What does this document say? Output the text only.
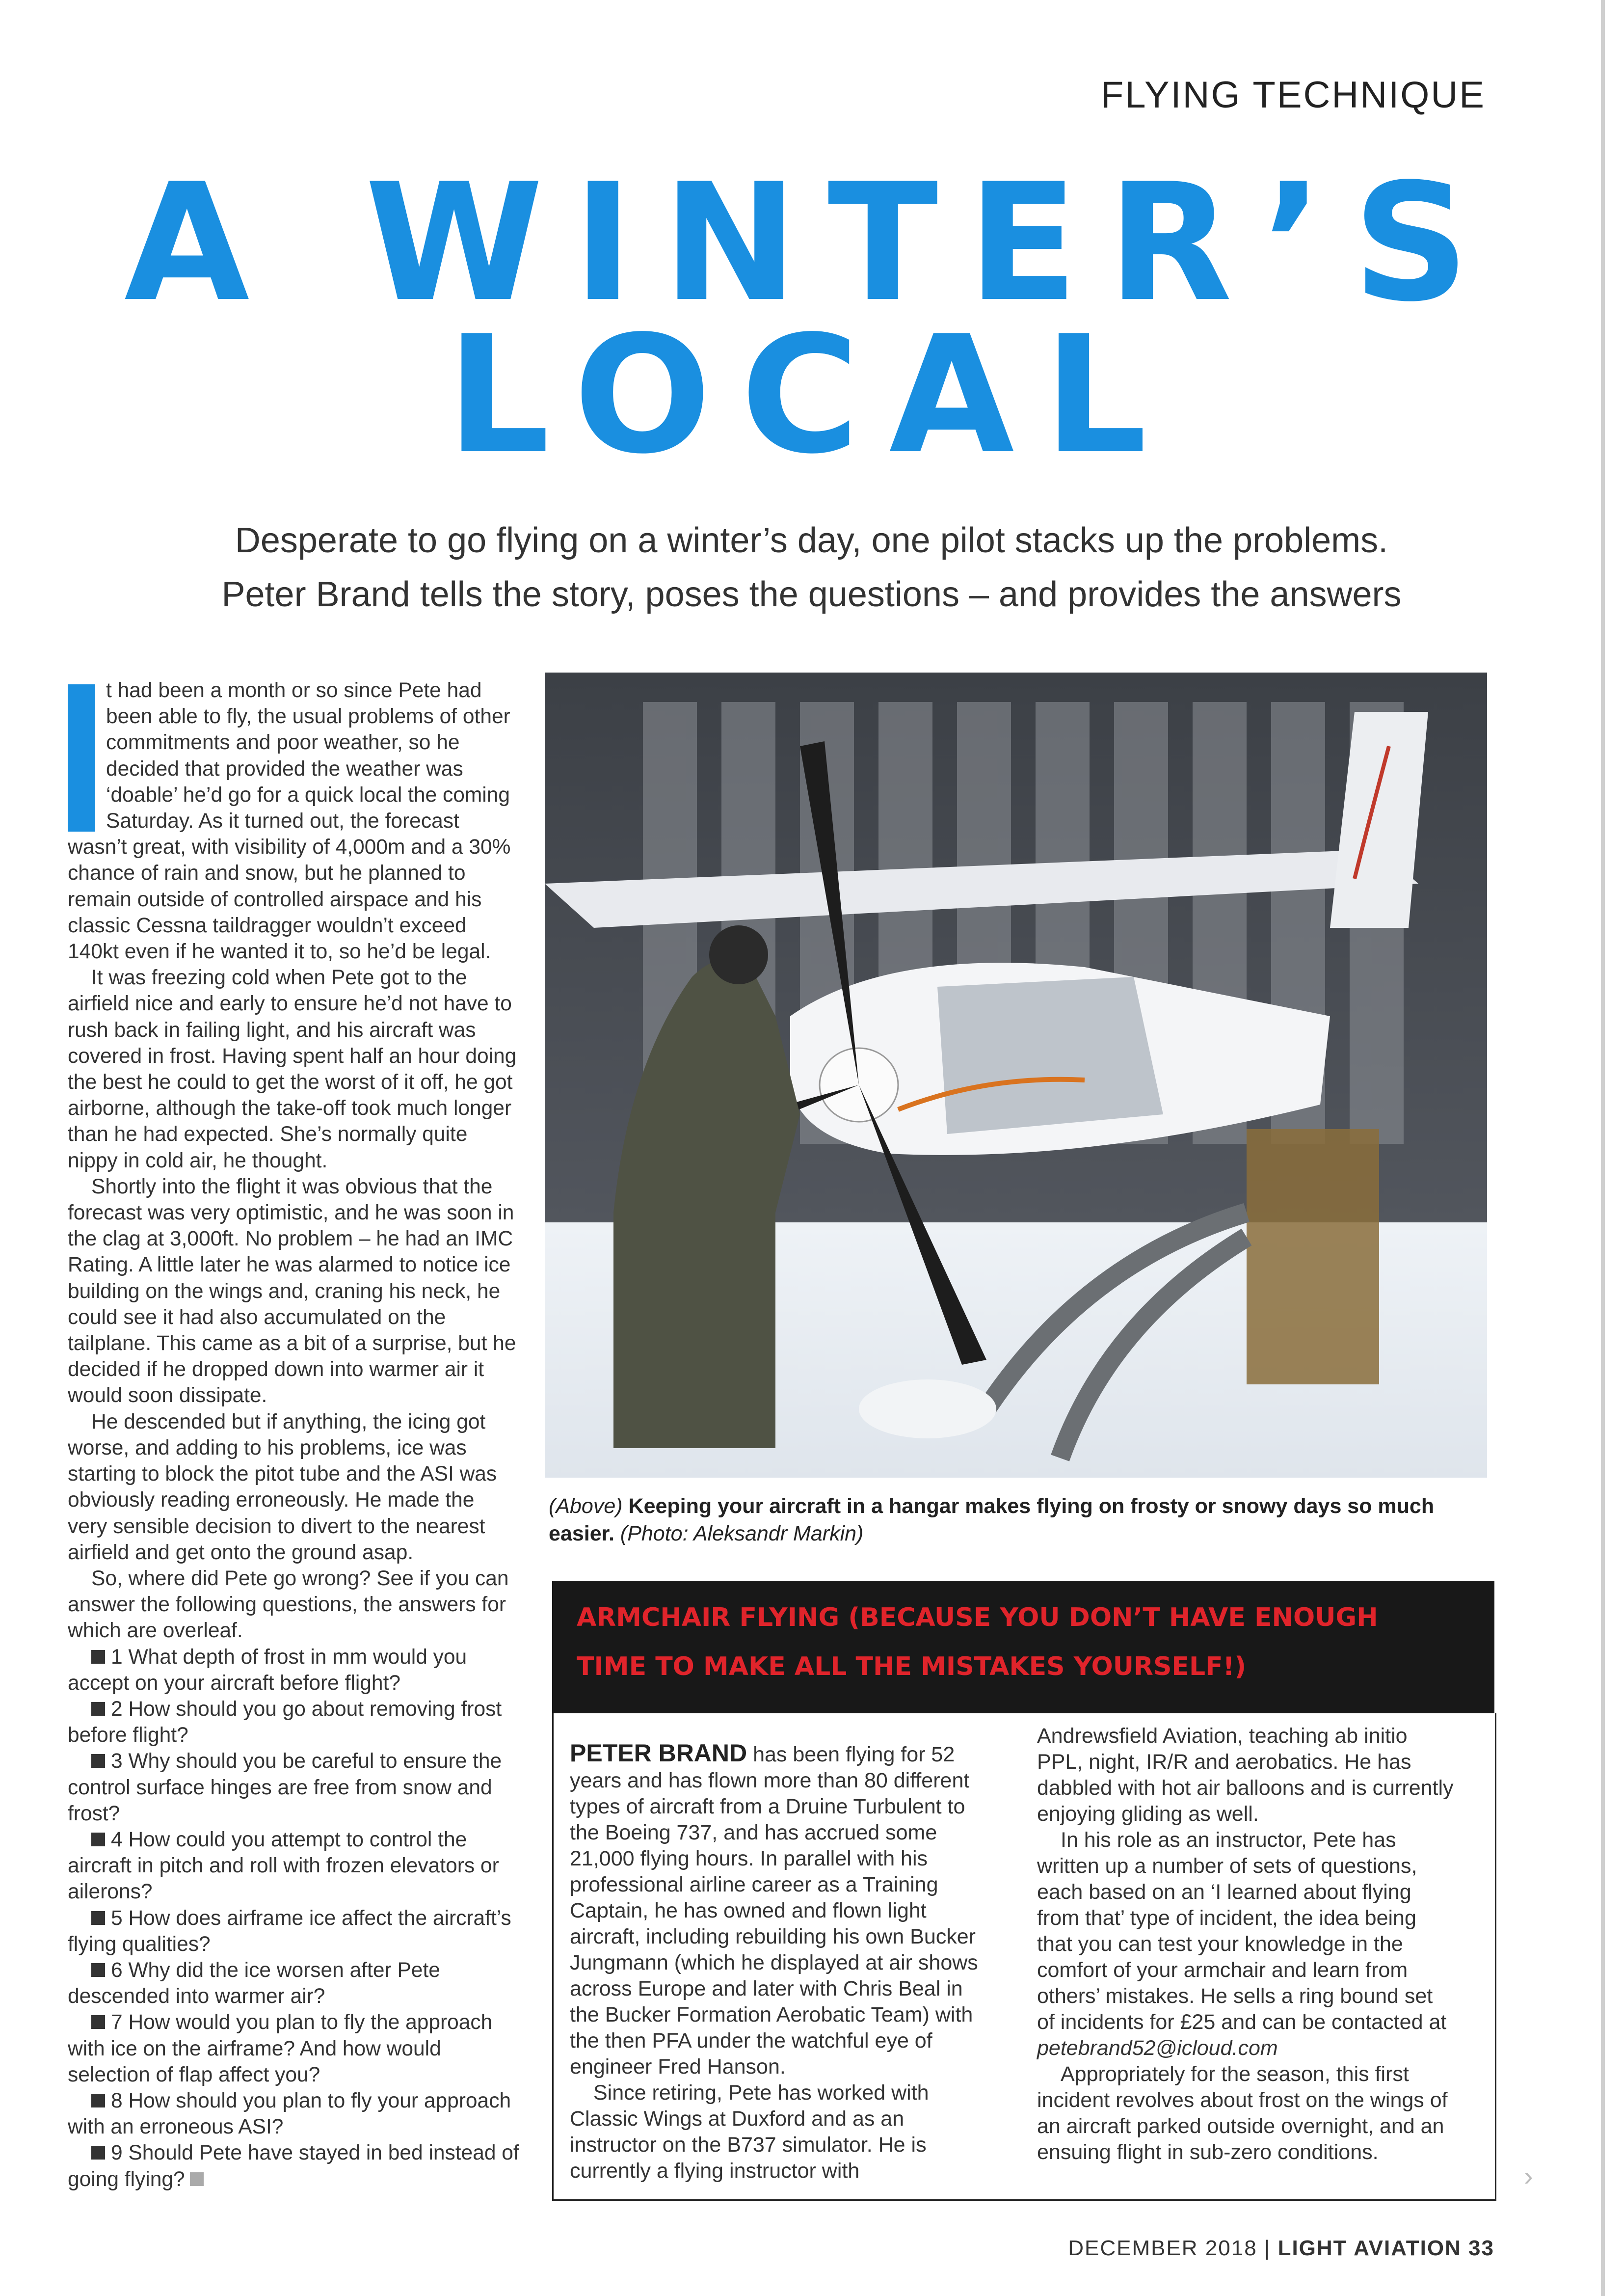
FLYING TECHNIQUE
A WINTER’S
LOCAL
Desperate to go flying on a winter’s day, one pilot stacks up the problems.
Peter Brand tells the story, poses the questions – and provides the answers

t had been a month or so since Pete had been able to fly, the usual problems of other commitments and poor weather, so he decided that provided the weather was ‘doable’ he’d go for a quick local the coming Saturday. As it turned out, the forecast wasn’t great, with visibility of 4,000m and a 30% chance of rain and snow, but he planned to remain outside of controlled airspace and his classic Cessna taildragger wouldn’t exceed 140kt even if he wanted it to, so he’d be legal.

It was freezing cold when Pete got to the airfield nice and early to ensure he’d not have to rush back in failing light, and his aircraft was covered in frost. Having spent half an hour doing the best he could to get the worst of it off, he got airborne, although the take-off took much longer than he had expected. She’s normally quite nippy in cold air, he thought.

Shortly into the flight it was obvious that the forecast was very optimistic, and he was soon in the clag at 3,000ft. No problem – he had an IMC Rating. A little later he was alarmed to notice ice building on the wings and, craning his neck, he could see it had also accumulated on the tailplane. This came as a bit of a surprise, but he decided if he dropped down into warmer air it would soon dissipate.

He descended but if anything, the icing got worse, and adding to his problems, ice was starting to block the pitot tube and the ASI was obviously reading erroneously. He made the very sensible decision to divert to the nearest airfield and get onto the ground asap.

So, where did Pete go wrong? See if you can answer the following questions, the answers for which are overleaf.

1 What depth of frost in mm would you accept on your aircraft before flight?

2 How should you go about removing frost before flight?

3 Why should you be careful to ensure the control surface hinges are free from snow and frost?

4 How could you attempt to control the aircraft in pitch and roll with frozen elevators or ailerons?

5 How does airframe ice affect the aircraft’s flying qualities?

6 Why did the ice worsen after Pete descended into warmer air?

7 How would you plan to fly the approach with ice on the airframe? And how would selection of flap affect you?

8 How should you plan to fly your approach with an erroneous ASI?

9 Should Pete have stayed in bed instead of going flying?

(Above) Keeping your aircraft in a hangar makes flying on frosty or snowy days so much easier. (Photo: Aleksandr Markin)
ARMCHAIR FLYING (BECAUSE YOU DON’T HAVE ENOUGH
TIME TO MAKE ALL THE MISTAKES YOURSELF!)

PETER BRAND has been flying for 52 years and has flown more than 80 different types of aircraft from a Druine Turbulent to the Boeing 737, and has accrued some 21,000 flying hours. In parallel with his professional airline career as a Training Captain, he has owned and flown light aircraft, including rebuilding his own Bucker Jungmann (which he displayed at air shows across Europe and later with Chris Beal in the Bucker Formation Aerobatic Team) with the then PFA under the watchful eye of engineer Fred Hanson.

Since retiring, Pete has worked with Classic Wings at Duxford and as an instructor on the B737 simulator. He is currently a flying instructor with

Andrewsfield Aviation, teaching ab initio PPL, night, IR/R and aerobatics. He has dabbled with hot air balloons and is currently enjoying gliding as well.

In his role as an instructor, Pete has written up a number of sets of questions, each based on an ‘I learned about flying from that’ type of incident, the idea being that you can test your knowledge in the comfort of your armchair and learn from others’ mistakes. He sells a ring bound set of incidents for £25 and can be contacted at petebrand52@icloud.com

Appropriately for the season, this first incident revolves about frost on the wings of an aircraft parked outside overnight, and an ensuing flight in sub-zero conditions.

›
DECEMBER 2018 | LIGHT AVIATION 33
